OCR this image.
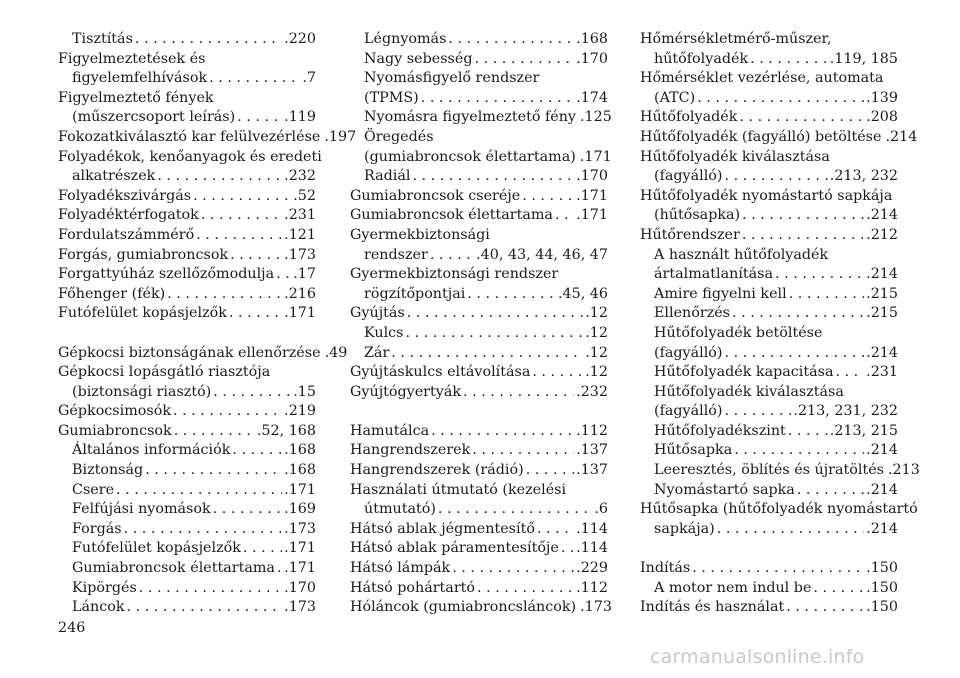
Tisztítás . . .	.220
Figyelmeztetések és
figyelemfelhívások . . .	.7
Figyelmeztető fények
(műszercsoport leírás) . . .	.119
Fokozatkiválasztó kar felülvezérlése .197
Folyadékok, kenőanyagok és eredeti
alkatrészek . . .	.232
Folyadékszivárgás . . .	.52
Folyadéktérfogatok . . .	.231
Fordulatszámmérő . . .	.121
Forgás, gumiabroncsok . . .	.173
Forgattyúház szellőzőmodulja . . . .17
Főhenger (fék) . . .	.216
Futófelület kopásjelzők . . .	.171
Gépkocsi biztonságának ellenőrzése .49
Gépkocsi lopásgátló riasztója
(biztonsági riasztó) . . .	.15
Gépkocsimosók . . .	.219
Gumiabroncsok . . .	.52, 168
Általános információk . . .	.168
Biztonság . . .	.168
Csere . . .	.171
Felfújási nyomások . . .	.169
Forgás . . .	.173
Futófelület kopásjelzők . . .	.171
Gumiabroncsok élettartama . . . .171
Kipörgés . . .	.170
Láncok . . .	.173
Légnyomás . . .	.168
Nagy sebesség . . .	.170
Nyomásfigyelő rendszer
(TPMS) . . .	.174
Nyomásra figyelmeztető fény .125
Öregedés
(gumiabroncsok élettartama) .171
Radiál . . .	.170
Gumiabroncsok cseréje . . .	.171
Gumiabroncsok élettartama . . . .171
Gyermekbiztonsági
rendszer . . .	.40, 43, 44, 46, 47
Gyermekbiztonsági rendszer
rögzítőpontjai . . .	.45, 46
Gyújtás . . .	.12
Kulcs . . .	.12
Zár . . .	.12
Gyújtáskulcs eltávolítása . . .	.12
Gyújtógyertyák . . .	.232
Hamutálca . . .	.112
Hangrendszerek . . .	.137
Hangrendszerek (rádió) . . .	.137
Használati útmutató (kezelési
útmutató) . . .	.6
Hátsó ablak jégmentesítő . . .	.114
Hátsó ablak páramentesítője . . . .114
Hátsó lámpák . . .	.229
Hátsó pohártartó . . .	.112
Hóláncok (gumiabroncsláncok) .173
Hőmérsékletmérő-műszer,
hűtőfolyadék . . .	.119, 185
Hőmérséklet vezérlése, automata
(ATC) . . .	.139
Hűtőfolyadék . . .	.208
Hűtőfolyadék (fagyálló) betöltése .214
Hűtőfolyadék kiválasztása
(fagyálló) . . .	.213, 232
Hűtőfolyadék nyomástartó sapkája
(hűtősapka) . . .	.214
Hűtőrendszer . . .	.212
A használt hűtőfolyadék
ártalmatlanítása . . .	.214
Amire figyelni kell . . .	.215
Ellenőrzés . . .	.215
Hűtőfolyadék betöltése
(fagyálló) . . .	.214
Hűtőfolyadék kapacitása . . . .231
Hűtőfolyadék kiválasztása
(fagyálló) . . .	.213, 231, 232
Hűtőfolyadékszint . . .	.213, 215
Hűtősapka . . .	.214
Leeresztés, öblítés és újratöltés .213
Nyomástartó sapka . . .	.214
Hűtősapka (hűtőfolyadék nyomástartó
sapkája) . . .	.214
Indítás . . .	.150
A motor nem indul be . . .	.150
Indítás és használat . . .	.150
246
carmanualsonline.info
